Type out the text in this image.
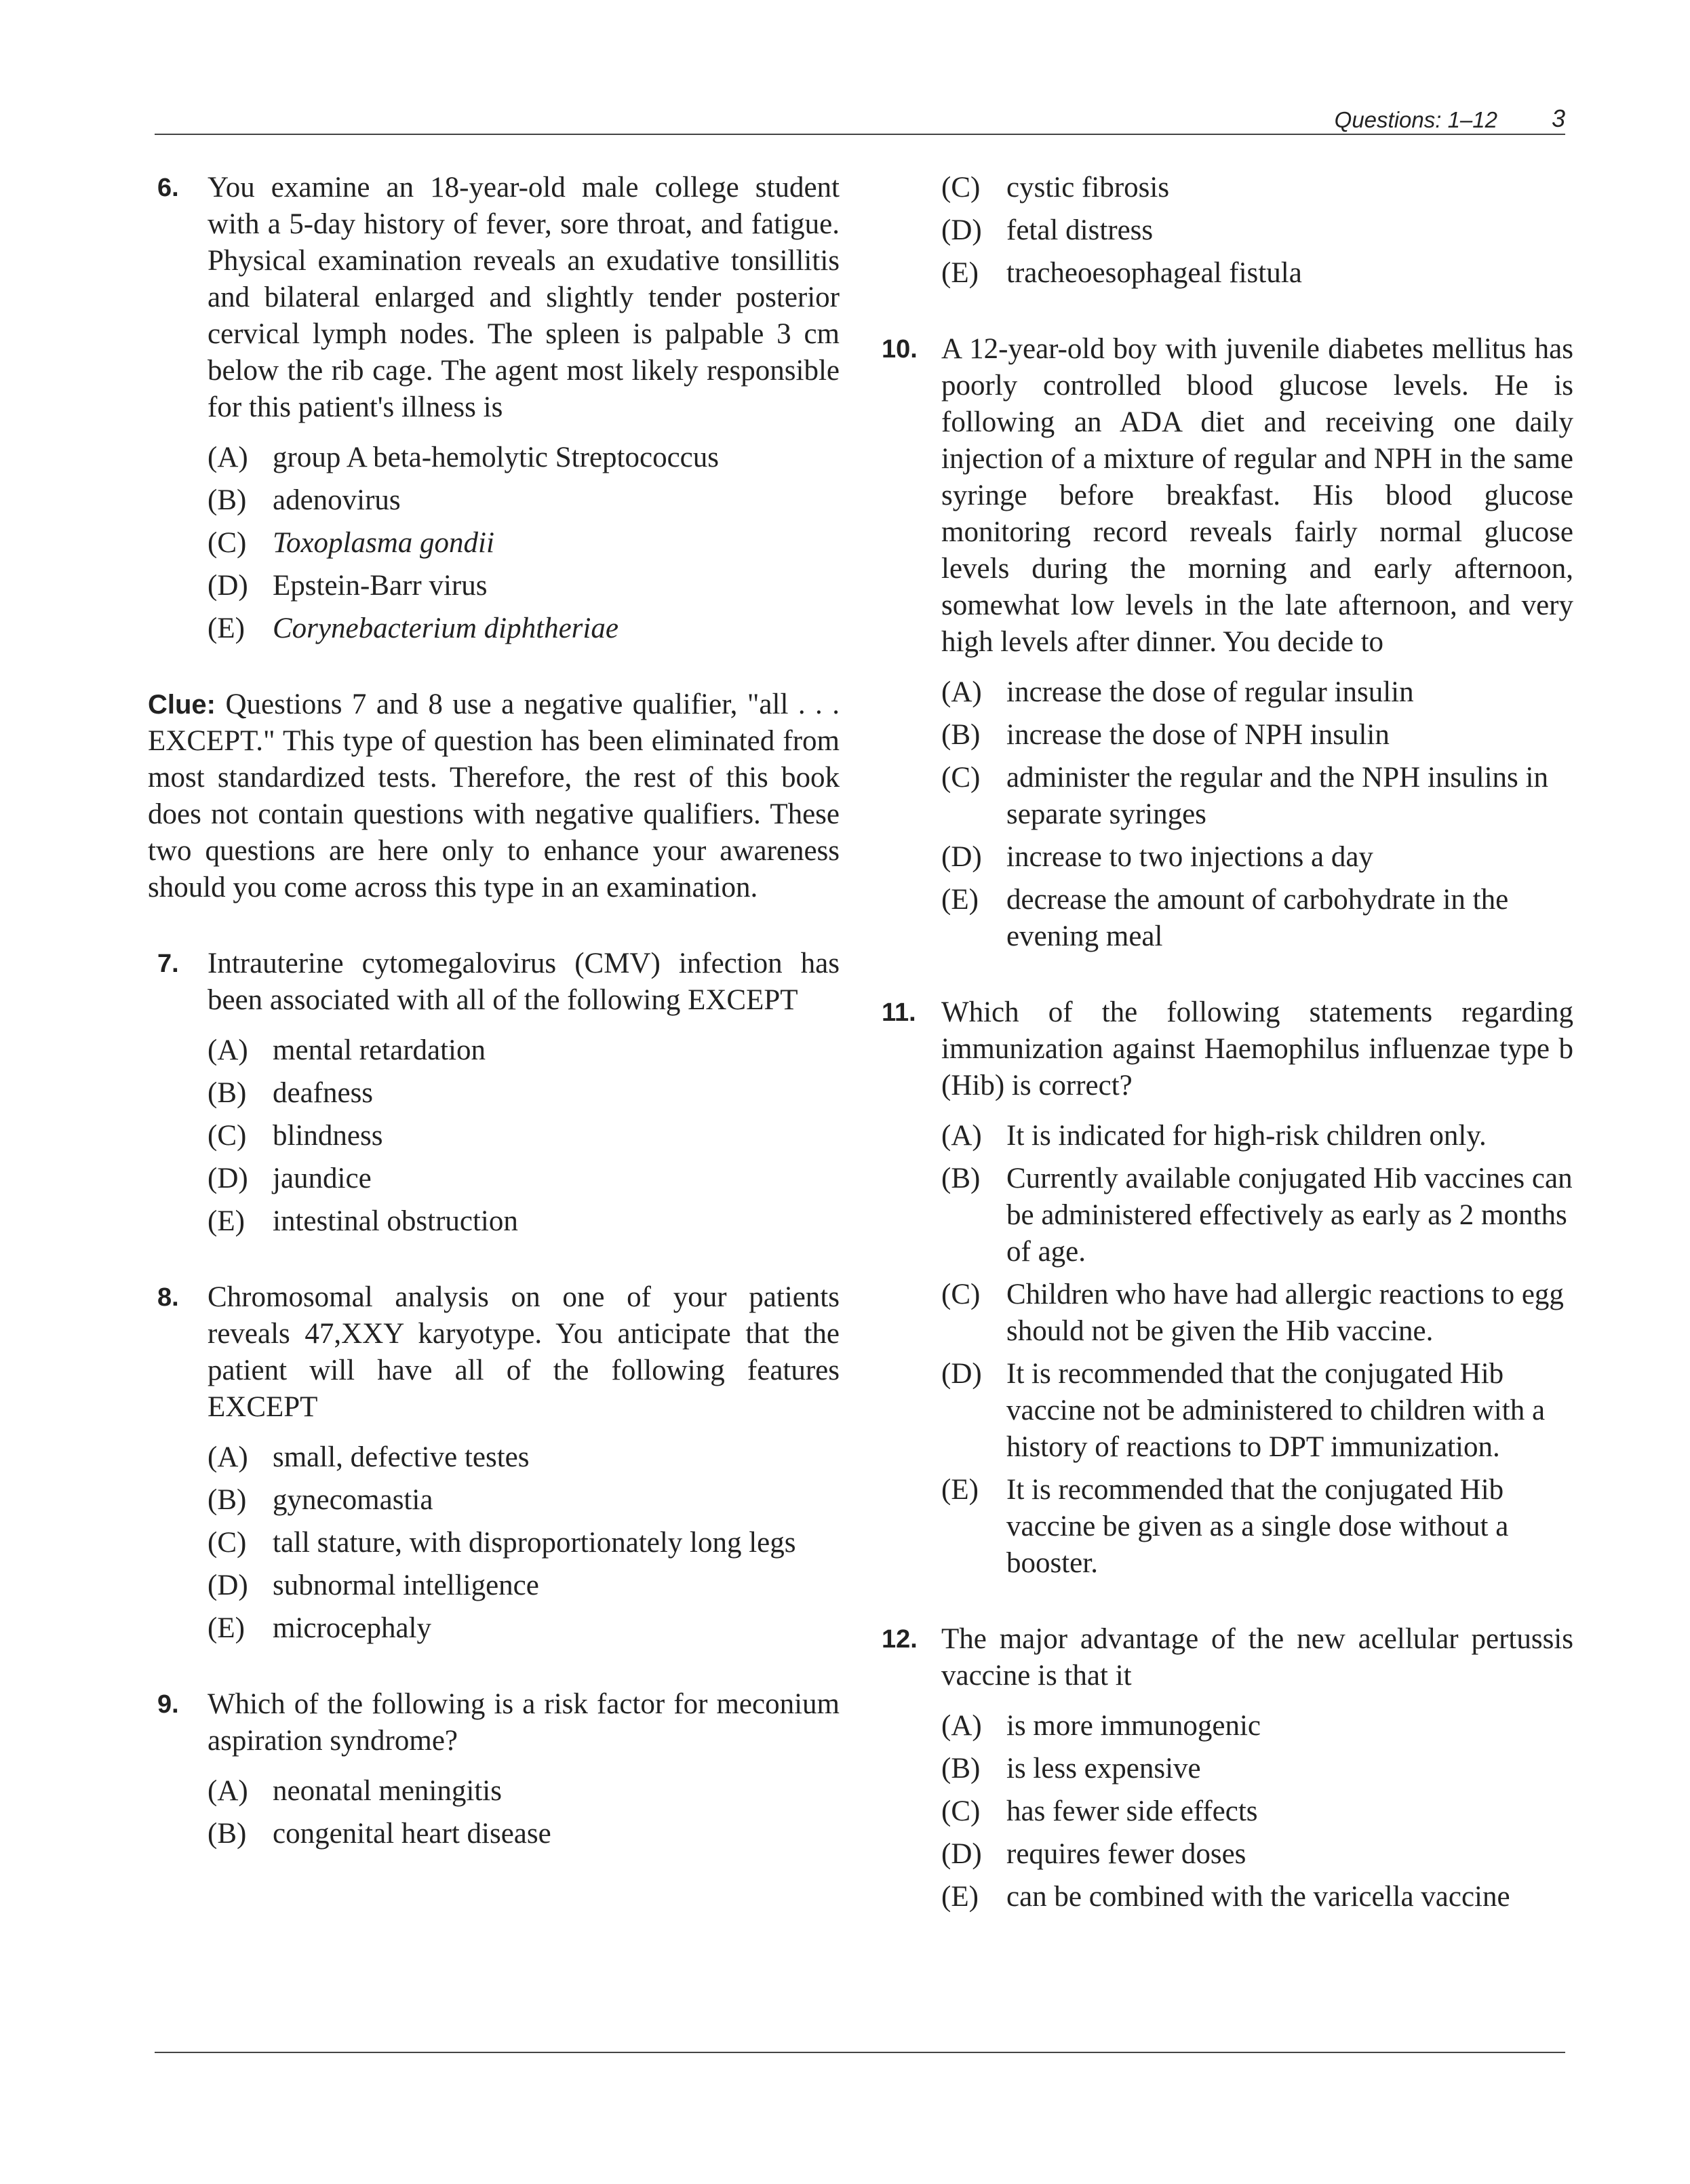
Questions: 1–12 3
6. You examine an 18-year-old male college student with a 5-day history of fever, sore throat, and fatigue. Physical examination reveals an exudative tonsillitis and bilateral enlarged and slightly tender posterior cervical lymph nodes. The spleen is palpable 3 cm below the rib cage. The agent most likely responsible for this patient's illness is
(A) group A beta-hemolytic Streptococcus
(B) adenovirus
(C) Toxoplasma gondii
(D) Epstein-Barr virus
(E) Corynebacterium diphtheriae
Clue: Questions 7 and 8 use a negative qualifier, "all . . . EXCEPT." This type of question has been eliminated from most standardized tests. Therefore, the rest of this book does not contain questions with negative qualifiers. These two questions are here only to enhance your awareness should you come across this type in an examination.
7. Intrauterine cytomegalovirus (CMV) infection has been associated with all of the following EXCEPT
(A) mental retardation
(B) deafness
(C) blindness
(D) jaundice
(E) intestinal obstruction
8. Chromosomal analysis on one of your patients reveals 47,XXY karyotype. You anticipate that the patient will have all of the following features EXCEPT
(A) small, defective testes
(B) gynecomastia
(C) tall stature, with disproportionately long legs
(D) subnormal intelligence
(E) microcephaly
9. Which of the following is a risk factor for meconium aspiration syndrome?
(A) neonatal meningitis
(B) congenital heart disease
(C) cystic fibrosis
(D) fetal distress
(E) tracheoesophageal fistula
10. A 12-year-old boy with juvenile diabetes mellitus has poorly controlled blood glucose levels. He is following an ADA diet and receiving one daily injection of a mixture of regular and NPH in the same syringe before breakfast. His blood glucose monitoring record reveals fairly normal glucose levels during the morning and early afternoon, somewhat low levels in the late afternoon, and very high levels after dinner. You decide to
(A) increase the dose of regular insulin
(B) increase the dose of NPH insulin
(C) administer the regular and the NPH insulins in separate syringes
(D) increase to two injections a day
(E) decrease the amount of carbohydrate in the evening meal
11. Which of the following statements regarding immunization against Haemophilus influenzae type b (Hib) is correct?
(A) It is indicated for high-risk children only.
(B) Currently available conjugated Hib vaccines can be administered effectively as early as 2 months of age.
(C) Children who have had allergic reactions to egg should not be given the Hib vaccine.
(D) It is recommended that the conjugated Hib vaccine not be administered to children with a history of reactions to DPT immunization.
(E) It is recommended that the conjugated Hib vaccine be given as a single dose without a booster.
12. The major advantage of the new acellular pertussis vaccine is that it
(A) is more immunogenic
(B) is less expensive
(C) has fewer side effects
(D) requires fewer doses
(E) can be combined with the varicella vaccine
